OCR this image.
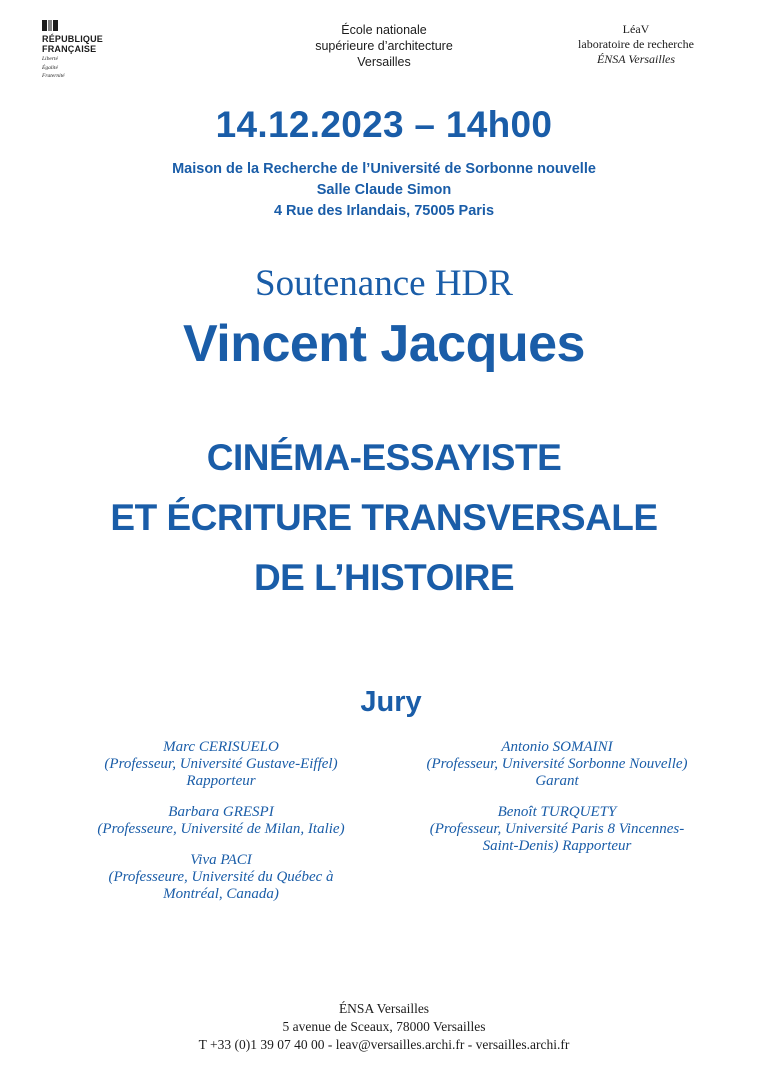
RÉPUBLIQUE
FRANÇAISE
Liberté
Égalité
Fraternité
École nationale
supérieure d’architecture
Versailles
LéaV
laboratoire de recherche
ÉNSA Versailles
14.12.2023 – 14h00
Maison de la Recherche de l’Université de Sorbonne nouvelle
Salle Claude Simon
4 Rue des Irlandais, 75005 Paris
Soutenance HDR
Vincent Jacques
CINÉMA-ESSAYISTE
ET ÉCRITURE TRANSVERSALE
DE L’HISTOIRE
Jury
Marc CERISUELO
(Professeur, Université Gustave-Eiffel)
Rapporteur
Barbara GRESPI
(Professeure, Université de Milan, Italie)
Viva PACI
(Professeure, Université du Québec à
Montréal, Canada)
Antonio SOMAINI
(Professeur, Université Sorbonne Nouvelle)
Garant
Benoît TURQUETY
(Professeur, Université Paris 8 Vincennes-
Saint-Denis) Rapporteur
ÉNSA Versailles
5 avenue de Sceaux, 78000 Versailles
T +33 (0)1 39 07 40 00 - leav@versailles.archi.fr - versailles.archi.fr
